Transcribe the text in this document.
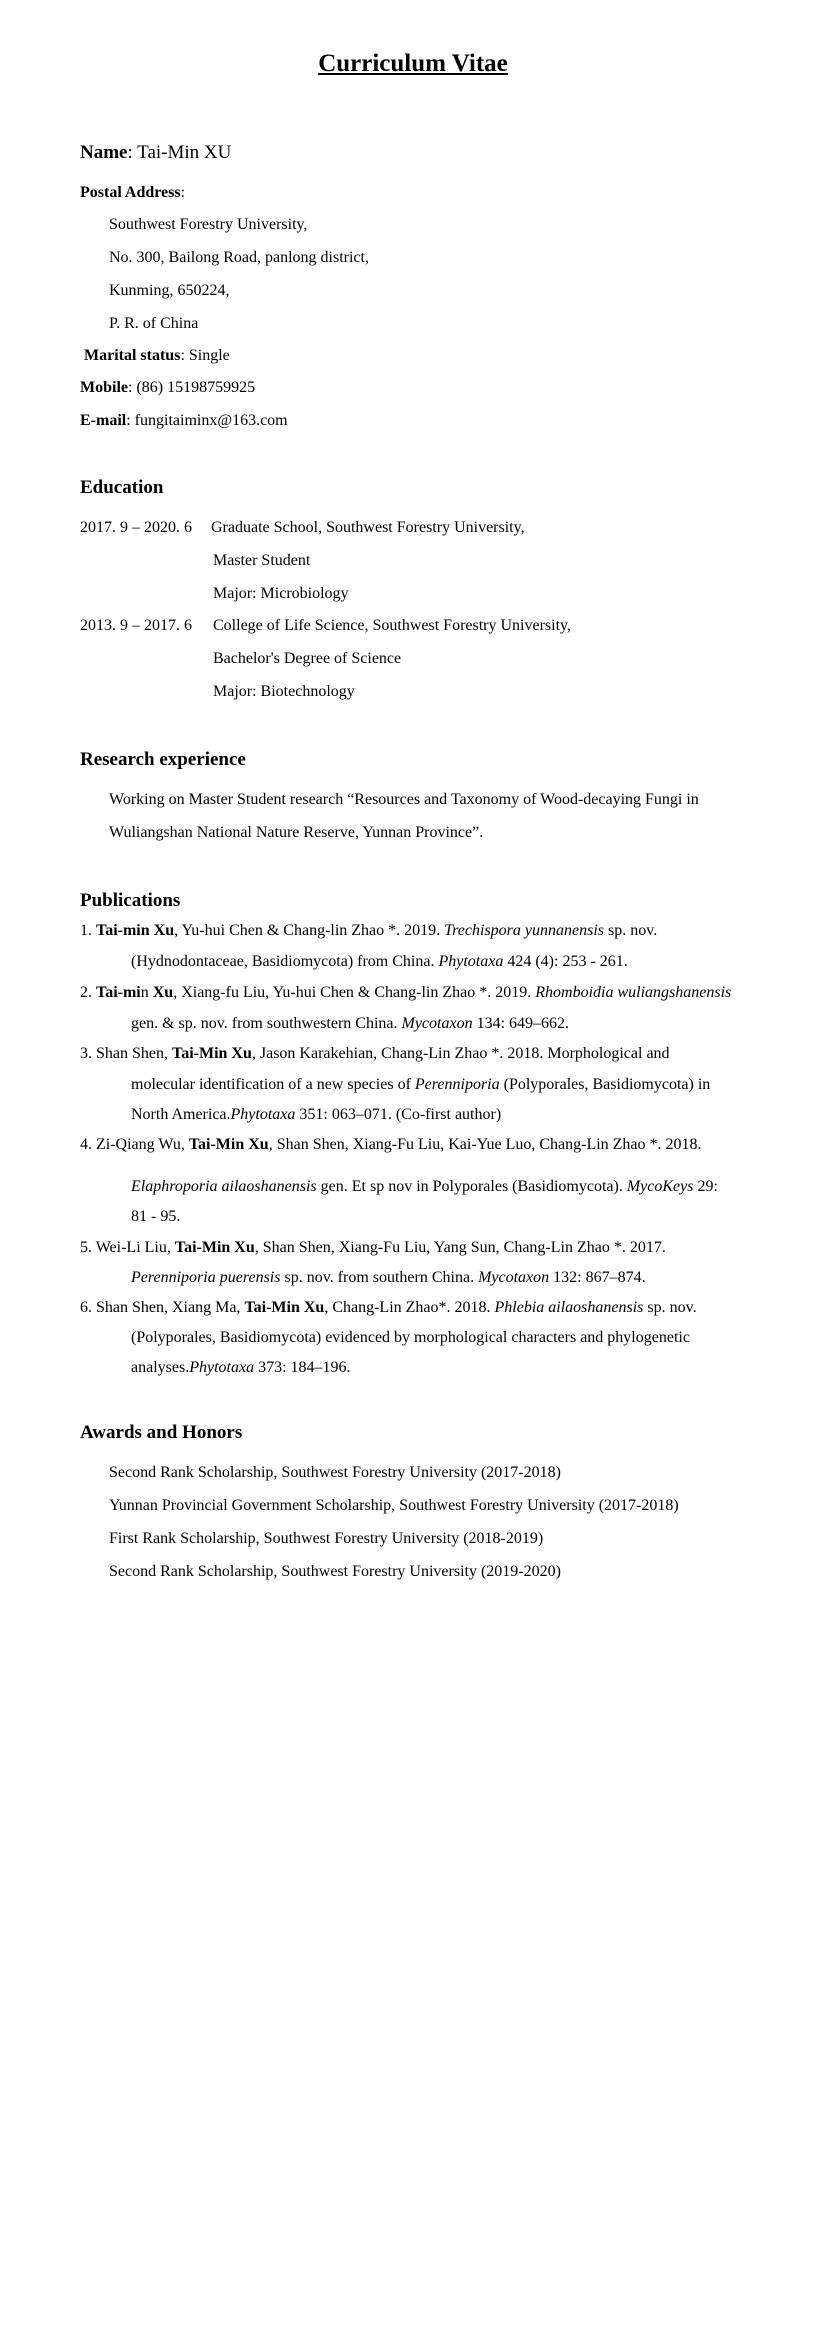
Curriculum Vitae
Name: Tai-Min XU
Postal Address:
Southwest Forestry University,
No. 300, Bailong Road, panlong district,
Kunming, 650224,
P. R. of China
Marital status: Single
Mobile: (86) 15198759925
E-mail: fungitaiminx@163.com
Education
2017. 9 – 2020. 6 Graduate School, Southwest Forestry University,
Master Student
Major: Microbiology
2013. 9 – 2017. 6 College of Life Science, Southwest Forestry University,
Bachelor's Degree of Science
Major: Biotechnology
Research experience
Working on Master Student research “Resources and Taxonomy of Wood-decaying Fungi in
Wuliangshan National Nature Reserve, Yunnan Province”.
Publications
1. Tai-min Xu, Yu-hui Chen & Chang-lin Zhao *. 2019. Trechispora yunnanensis sp. nov.
(Hydnodontaceae, Basidiomycota) from China. Phytotaxa 424 (4): 253 ‑ 261.
2. Tai-min Xu, Xiang-fu Liu, Yu-hui Chen & Chang-lin Zhao *. 2019. Rhomboidia wuliangshanensis
gen. & sp. nov. from southwestern China. Mycotaxon 134: 649–662.
3. Shan Shen, Tai-Min Xu, Jason Karakehian, Chang-Lin Zhao *. 2018. Morphological and
molecular identification of a new species of Perenniporia (Polyporales, Basidiomycota) in
North America.Phytotaxa 351: 063–071. (Co-first author)
4. Zi-Qiang Wu, Tai-Min Xu, Shan Shen, Xiang-Fu Liu, Kai-Yue Luo, Chang-Lin Zhao *. 2018.
Elaphroporia ailaoshanensis gen. Et sp nov in Polyporales (Basidiomycota). MycoKeys 29:
81 ‑ 95.
5. Wei-Li Liu, Tai-Min Xu, Shan Shen, Xiang-Fu Liu, Yang Sun, Chang-Lin Zhao *. 2017.
Perenniporia puerensis sp. nov. from southern China. Mycotaxon 132: 867–874.
6. Shan Shen, Xiang Ma, Tai-Min Xu, Chang-Lin Zhao*. 2018. Phlebia ailaoshanensis sp. nov.
(Polyporales, Basidiomycota) evidenced by morphological characters and phylogenetic
analyses.Phytotaxa 373: 184–196.
Awards and Honors
Second Rank Scholarship, Southwest Forestry University (2017-2018)
Yunnan Provincial Government Scholarship, Southwest Forestry University (2017-2018)
First Rank Scholarship, Southwest Forestry University (2018-2019)
Second Rank Scholarship, Southwest Forestry University (2019-2020)
